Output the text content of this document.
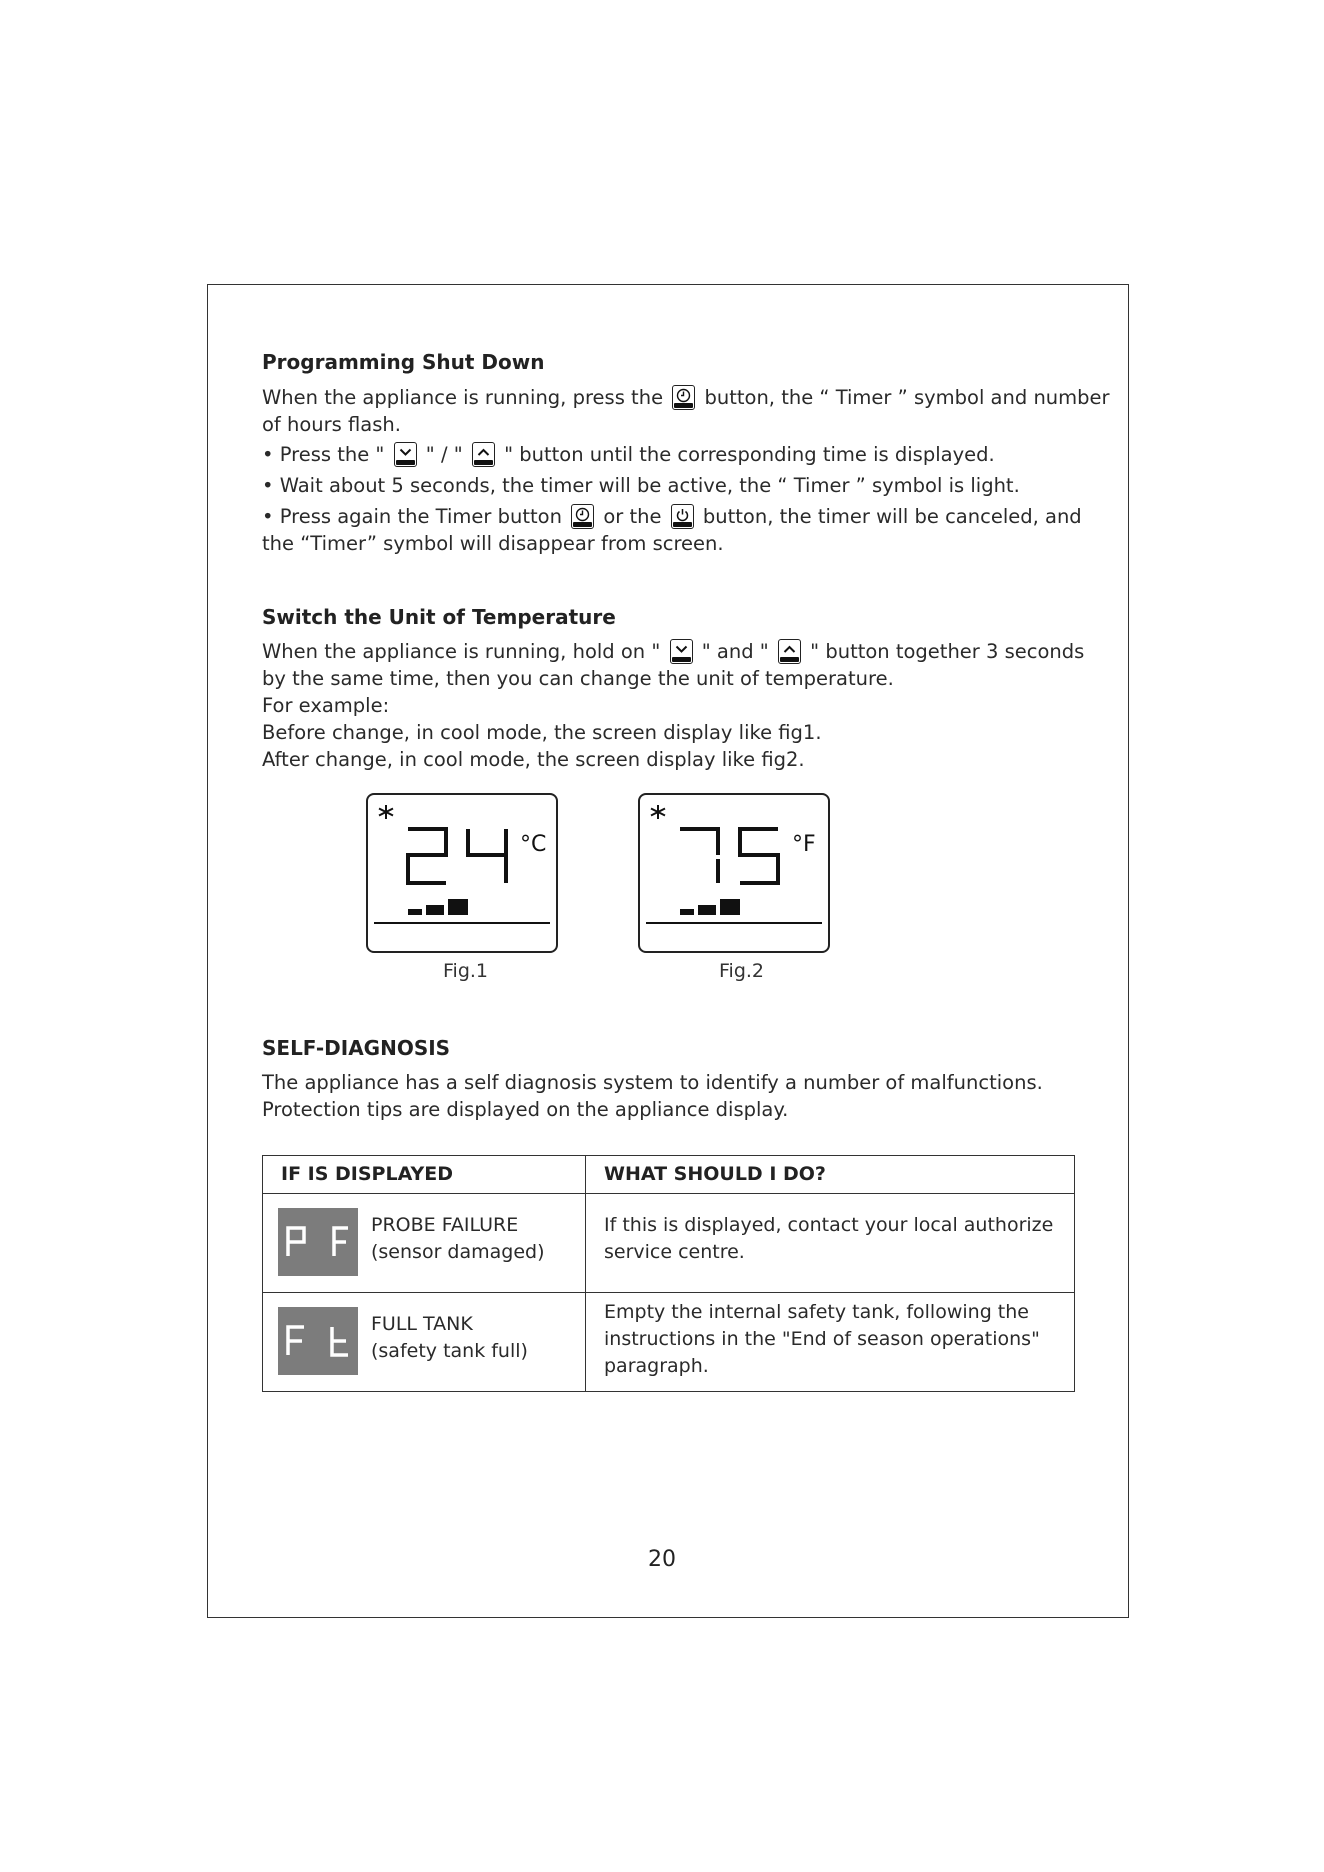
Programming Shut Down
When the appliance is running, press the button, the “ Timer ” symbol and number
of hours flash.
• Press the " " / " " button until the corresponding time is displayed.
• Wait about 5 seconds, the timer will be active, the “ Timer ” symbol is light.
• Press again the Timer button or the button, the timer will be canceled, and
the “Timer” symbol will disappear from screen.
Switch the Unit of Temperature
When the appliance is running, hold on " " and " " button together 3 seconds
by the same time, then you can change the unit of temperature.
For example:
Before change, in cool mode, the screen display like fig1.
After change, in cool mode, the screen display like fig2.
°C
Fig.1
°F
Fig.2
SELF-DIAGNOSIS
The appliance has a self diagnosis system to identify a number of malfunctions.
Protection tips are displayed on the appliance display.
IF IS DISPLAYED	WHAT SHOULD I DO?

PROBE FAILURE
(sensor damaged)	If this is displayed, contact your local authorize service centre.

FULL TANK
(safety tank full)	Empty the internal safety tank, following the instructions in the "End of season operations" paragraph.
20
